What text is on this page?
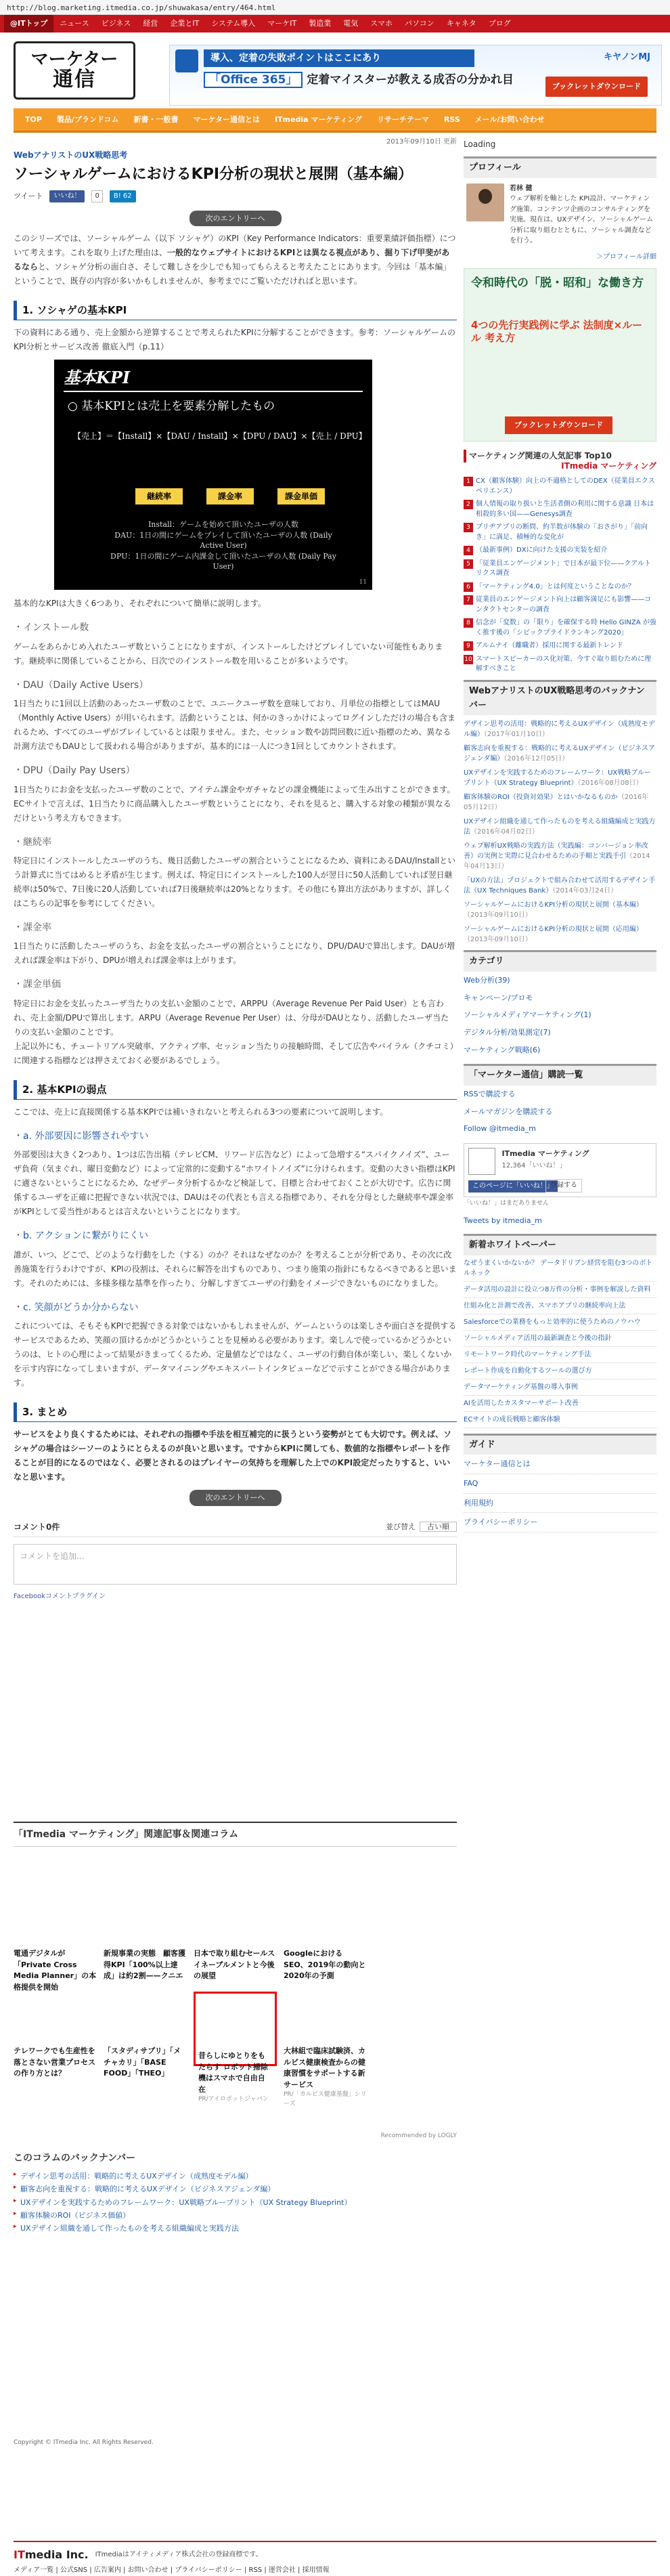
http://blog.marketing.itmedia.co.jp/shuwakasa/entry/464.html
@ITトップ	ニュース	ビジネス	経営	企業とIT	システム導入	マーケIT	製造業	電気	スマホ	パソコン	キャネタ	ブログ
マーケター
通信
導入、定着の失敗ポイントはここにあり
「Office 365」 定着マイスターが教える成否の分かれ目
キヤノンMJ
ブックレットダウンロード
TOP	製品/ブランドコム	新書・一般書	マーケター通信とは	ITmedia マーケティング	リサーチテーマ	RSS	メール/お問い合わせ
2013年09月10日 更新
WebアナリストのUX戦略思考
ソーシャルゲームにおけるKPI分析の現状と展開（基本編）
ツイート	いいね！	0	B! 62
次のエントリーへ

このシリーズでは、ソーシャルゲーム（以下 ソシャゲ）のKPI（Key Performance Indicators：重要業績評価指標）について考えます。これを取り上げた理由は、一般的なウェブサイトにおけるKPIとは異なる視点があり、掘り下げ甲斐があるならと、ソシャゲ分析の面白さ、そして難しさを少しでも知ってもらえると考えたことにあります。今回は「基本編」ということで、既存の内容が多いかもしれませんが、参考までにご覧いただければと思います。

1. ソシャゲの基本KPI

下の資料にある通り、売上金額から逆算することで考えられたKPIに分解することができます。参考：ソーシャルゲームのKPI分析とサービス改善 徹底入門（p.11）

基本KPI
○ 基本KPIとは売上を要素分解したもの
【売上】＝【Install】×【DAU / Install】×【DPU / DAU】×【売上 / DPU】
継続率	課金率	課金単価
Install：ゲームを始めて頂いたユーザの人数
DAU：1日の間にゲームをプレイして頂いたユーザの人数 (Daily Active User)
DPU：1日の間にゲーム内課金して頂いたユーザの人数 (Daily Pay User)
11

基本的なKPIは大きく6つあり、それぞれについて簡単に説明します。

・ インストール数

ゲームをあらかじめ入れたユーザ数ということになりますが、インストールしたけどプレイしていない可能性もあります。継続率に関係していることから、日次でのインストール数を用いることが多いようです。

・ DAU（Daily Active Users）

1日当たりに1回以上活動のあったユーザ数のことで、ユニークユーザ数を意味しており、月単位の指標としてはMAU（Monthly Active Users）が用いられます。活動ということは、何かのきっかけによってログインしただけの場合も含まれるため、すべてのユーザがプレイしているとは限りません。また、セッション数や訪問回数に近い指標のため、異なる計測方法でもDAUとして扱われる場合がありますが、基本的には一人につき1回としてカウントされます。

・ DPU（Daily Pay Users）

1日当たりにお金を支払ったユーザ数のことで、アイテム課金やガチャなどの課金機能によって生み出すことができます。ECサイトで言えば、1日当たりに商品購入したユーザ数ということになり、それを見ると、購入する対象の種類が異なるだけという考え方もできます。

・ 継続率

特定日にインストールしたユーザのうち、幾日活動したユーザの割合ということになるため、資料にあるDAU/Installという計算式に当てはめると矛盾が生じます。例えば、特定日にインストールした100人が翌日に50人活動していれば翌日継続率は50%で、7日後に20人活動していれば7日後継続率は20%となります。その他にも算出方法がありますが、詳しくはこちらの記事を参考にしてください。

・ 課金率

1日当たりに活動したユーザのうち、お金を支払ったユーザの割合ということになり、DPU/DAUで算出します。DAUが増えれば課金率は下がり、DPUが増えれば課金率は上がります。

・ 課金単価

特定日にお金を支払ったユーザ当たりの支払い金額のことで、ARPPU（Average Revenue Per Paid User）とも言われ、売上金額/DPUで算出します。ARPU（Average Revenue Per User）は、分母がDAUとなり、活動したユーザ当たりの支払い金額のことです。
上記以外にも、チュートリアル突破率、アクティブ率、セッション当たりの接触時間、そして広告やバイラル（クチコミ）に関連する指標などは押さえておく必要があるでしょう。

2. 基本KPIの弱点

ここでは、売上に直接関係する基本KPIでは補いきれないと考えられる3つの要素について説明します。

・ a. 外部要因に影響されやすい

外部要因は大きく2つあり、1つは広告出稿（テレビCM、リワード広告など）によって急増する“スパイクノイズ”、ユーザ負荷（気まぐれ、曜日変動など）によって定常的に変動する“ホワイトノイズ”に分けられます。変動の大きい指標はKPIに適さないということになるため、なぜデータ分析するかなど検証して、目標と合わせておくことが大切です。広告に関係するユーザを正確に把握できない状況では、DAUはその代表とも言える指標であり、それを分母とした継続率や課金率がKPIとして妥当性があるとは言えないということになります。

・ b. アクションに繋がりにくい

誰が、いつ、どこで、どのような行動をした（する）のか？それはなぜなのか？を考えることが分析であり、その次に改善施策を行うわけですが、KPIの役割は、それらに解答を出すものであり、つまり施策の指針にもなるべきであると思います。それのためには、多様多様な基準を作ったり、分解しすぎてユーザの行動をイメージできないものになりました。

・ c. 笑顔がどうか分からない

これについては、そもそもKPIで把握できる対象ではないかもしれませんが、ゲームというのは楽しさや面白さを提供するサービスであるため、笑顔の頂けるかがどうかということを見極める必要があります。楽しんで使っているかどうかというのは、ヒトの心理によって結果がきまってくるため、定量値などではなく、ユーザの行動自体が楽しい、楽しくないかを示す内容になってしまいますが、データマイニングやエキスパートインタビューなどで示すことができる場合があります。

3. まとめ

サービスをより良くするためには、それぞれの指標や手法を相互補完的に扱うという姿勢がとても大切です。例えば、ソシャゲの場合はシーソーのようにとらえるのが良いと思います。ですからKPIに関しても、数値的な指標やレポートを作ることが目的になるのではなく、必要とされるのはプレイヤーの気持ちを理解した上でのKPI設定だったりすると、いいなと思います。

次のエントリーへ
コメント0件	並び替え 古い順
コメントを追加...
Facebookコメントプラグイン
Loading
プロフィール
若林 健
ウェブ解析を軸とした KPI設計、マーケティング施策、コンテンツ企画のコンサルティングを実施。現在は、UXデザイン、ソーシャルゲーム分析に取り組むとともに、ソーシャル調査などを行う。
＞プロフィール詳細
令和時代の「脱・昭和」な働き方
4つの先行実践例に学ぶ 法制度×ルール 考え方
ブックレットダウンロード
マーケティング関連の人気記事 Top10
ITmedia マーケティング
1 CX（顧客体験）向上の不適格としてのDEX（従業員エクスペリエンス）
2 個人情報の取り扱いと生活者側の利用に関する意識 日本は相殺的多い国——Genesys調査
3 ブリヂアプリの断問、約半数が体験の「おさがり」「前向き」に満足、積極的な変化が
4 （最新事例）DXに向けた支援の実装を紹介
5 「従業員エンゲージメント」で日本が最下位——クアルトリクス調査
6 「マーケティング4.0」とは何度ということなのか？
7 従業員のエンゲージメント向上は顧客満足にも影響——コンタクトセンターの調査
8 信念が「変数」の「限り」を確保する時 Hello GINZA が強く推す後の「シビックプライドランキング2020」
9 アルムナイ（離職者）採用に関する最新トレンド
10 スマートスピーカーのス化対策、今すぐ取り組むために理解すべきこと
WebアナリストのUX戦略思考のバックナンバー
デザイン思考の活用：戦略的に考えるUXデザイン（成熟度モデル編）（2017年01月10日）
顧客志向を重視する：戦略的に考えるUXデザイン（ビジネスアジェンダ編）（2016年12月05日）
UXデザインを実践するためのフレームワーク：UX戦略ブループリント（UX Strategy Blueprint）（2016年08月08日）
顧客体験のROI（投資対効果）とはいかなるものか（2016年05月12日）
UXデザイン組織を通して作ったものを考える組織編成と実践方法（2016年04月02日）
ウェブ解析UX戦略の実践方法（実践編：コンバージョン率改善）の実例と実際に見合わせるための手順と実践手引（2014年04月13日）
「UXの方法」プロジェクトで組み合わせて活用するデザイン手法（UX Techniques Bank）（2014年03月24日）
ソーシャルゲームにおけるKPI分析の現状と展開（基本編）（2013年09月10日）
ソーシャルゲームにおけるKPI分析の現状と展開（応用編）（2013年09月10日）
カテゴリ
Web分析(39)
キャンペーン/プロモ
ソーシャルメディアマーケティング(1)
デジタル分析/効果測定(7)
マーケティング戦略(6)
「マーケター通信」購読一覧
RSSで購読する
メールマガジンを購読する
Follow @itmedia_m
ITmedia マーケティング
12,364「いいね！」
このページに「いいね！」
登録する
「いいね！」はまだありません
Tweets by itmedia_m
新着ホワイトペーパー
なぜうまくいかないか？ データドリブン経営を阻む3つのボトルネック
データ活用の設計に役立つ8万件の分析・事例を解説した資料
仕組み化と計測で改善、スマホアプリの継続率向上法
Salesforceでの業務をもっと効率的に使うためのノウハウ
ソーシャルメディア活用の最新調査と今後の指針
リモートワーク時代のマーケティング手法
レポート作成を自動化するツールの選び方
データマーケティング基盤の導入事例
AIを活用したカスタマーサポート改善
ECサイトの成長戦略と顧客体験
ガイド
マーケター通信とは
FAQ
利用規約
プライバシーポリシー
「ITmedia マーケティング」関連記事＆関連コラム
電通デジタルが「Private Cross Media Planner」の本格提供を開始
新規事業の実態　顧客獲得KPI「100%以上達成」は約2割——クニエ
日本で取り組むセールスイネーブルメントと今後の展望
Googleにおける SEO、2019年の動向と2020年の予測

テレワークでも生産性を落とさない営業プロセスの作り方とは？
「スタディサプリ」「メチャカリ」「BASE FOOD」「THEO」
昔らしにゆとりをもたらす ロボット掃除機はスマホで自由自在
PR/アイロボットジャパン
大林組で臨床試験済、カルビス健康検査からの健康習慣をサポートする新サービス
PR/「カルピス健康基盤」シリーズ

Recommended by LOGLY
このコラムのバックナンバー
▸ デザイン思考の活用：戦略的に考えるUXデザイン（成熟度モデル編）
▸ 顧客志向を重視する：戦略的に考えるUXデザイン（ビジネスアジェンダ編）
▸ UXデザインを実践するためのフレームワーク：UX戦略ブループリント（UX Strategy Blueprint）
▸ 顧客体験のROI（ビジネス価値）
▸ UXデザイン組織を通して作ったものを考える組織編成と実践方法
Copyright © ITmedia Inc. All Rights Reserved.
ITmedia Inc. ITmediaはアイティメディア株式会社の登録商標です。
メディア一覧 | 公式SNS | 広告案内 | お問い合わせ | プライバシーポリシー | RSS | 運営会社 | 採用情報
